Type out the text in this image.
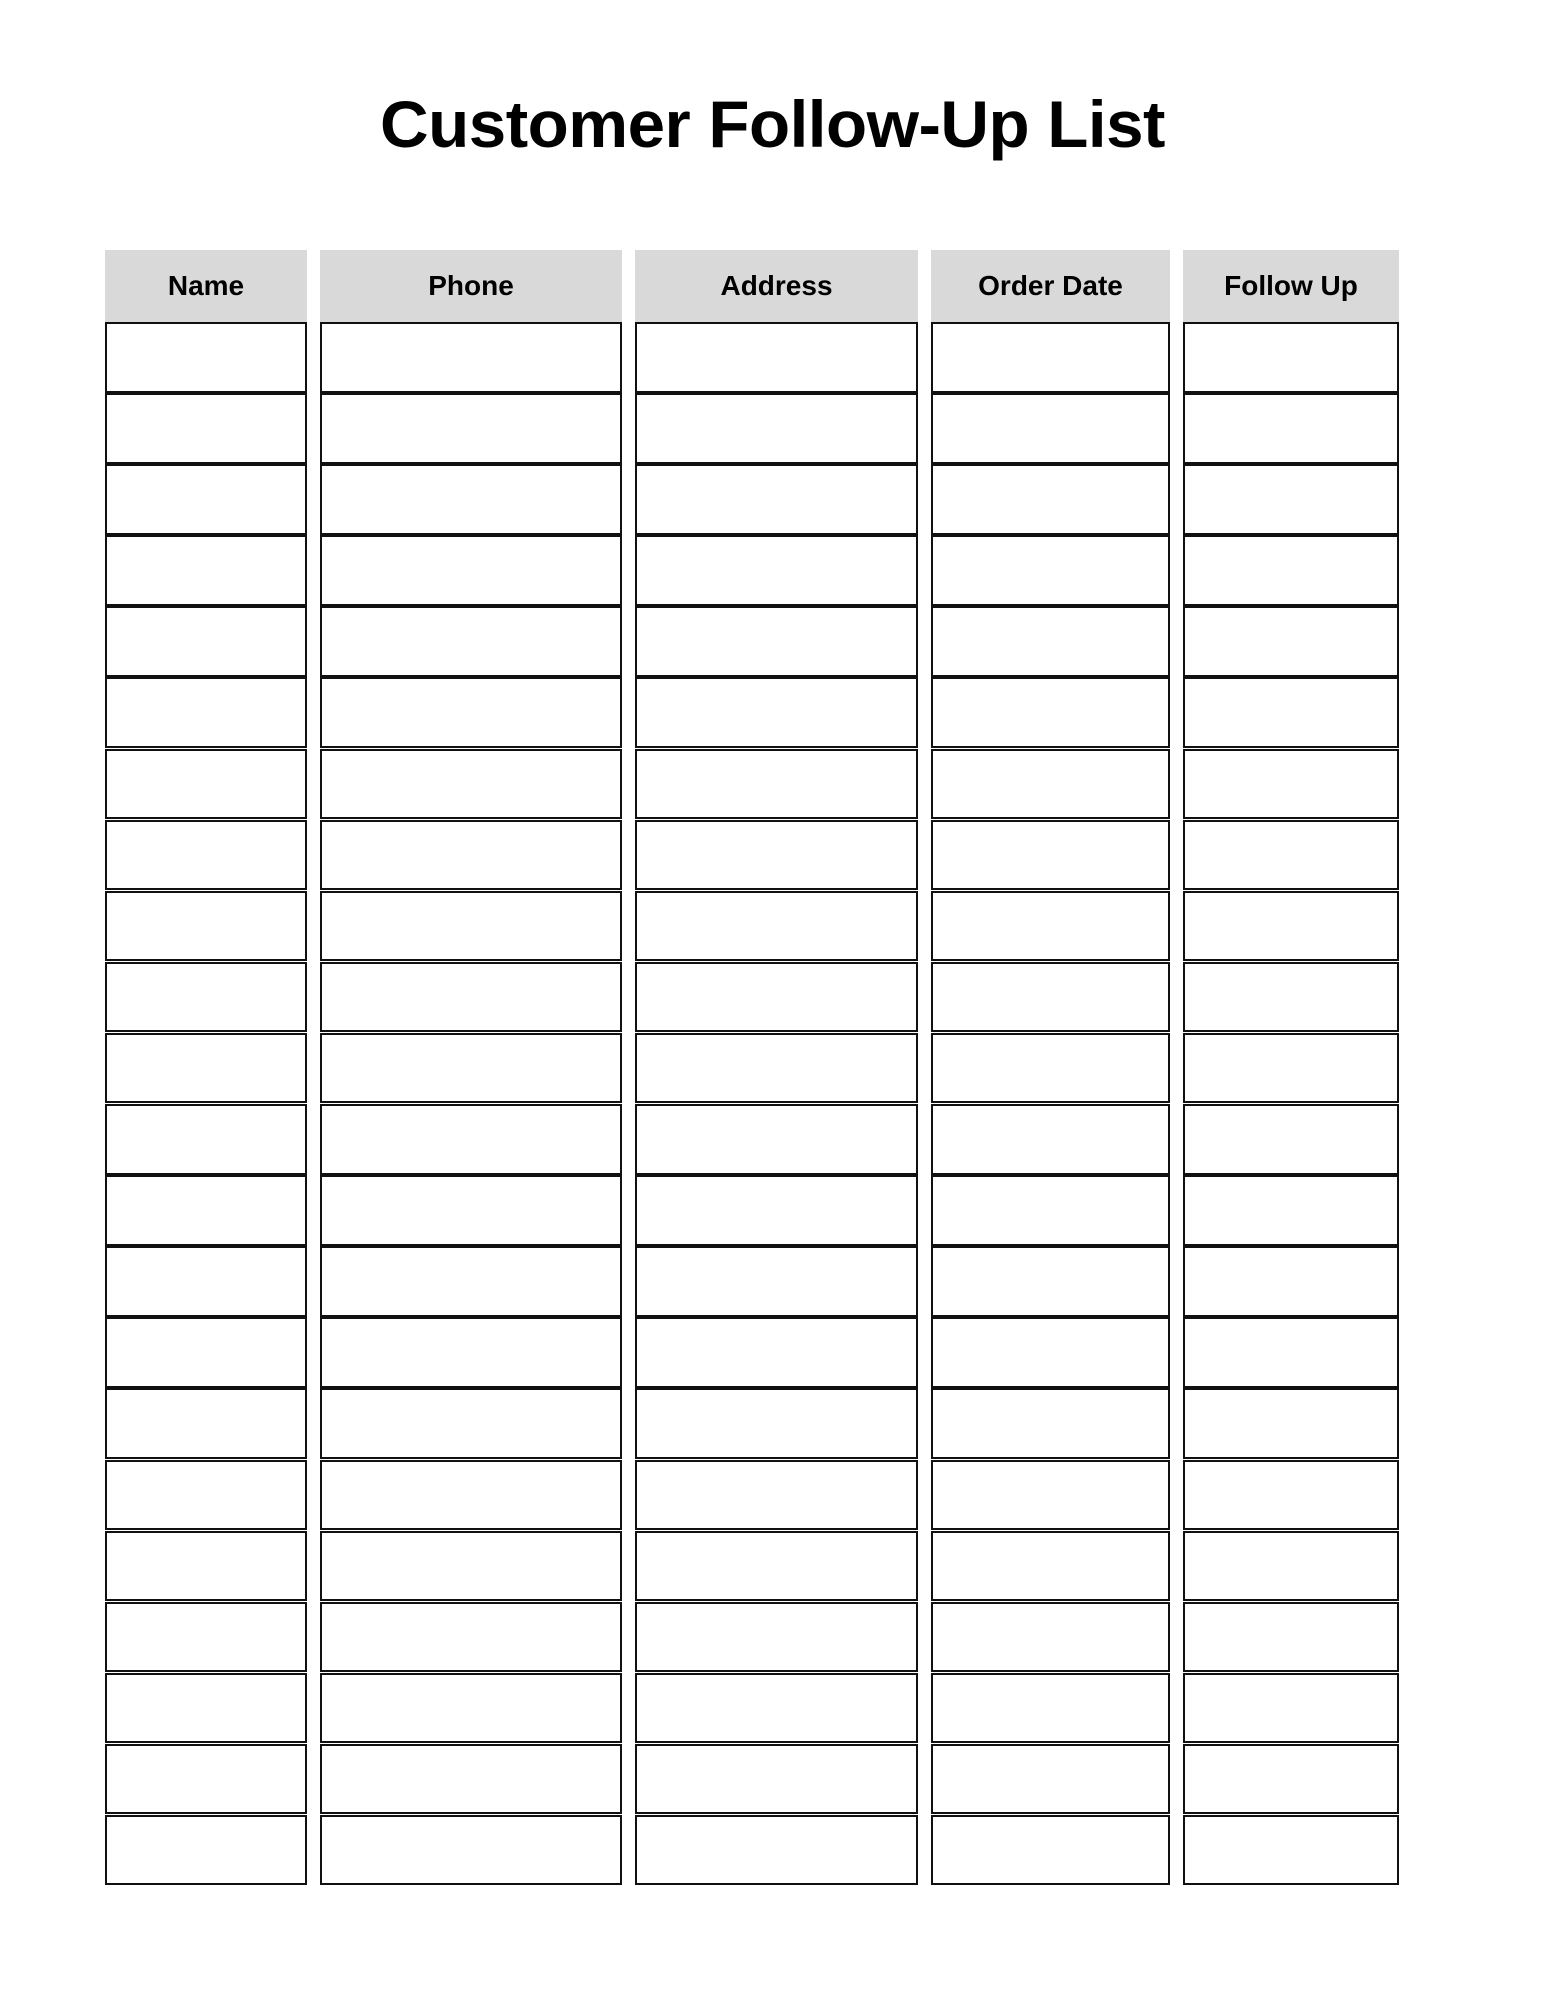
Customer Follow-Up List
Name	Phone	Address	Order Date	Follow Up
